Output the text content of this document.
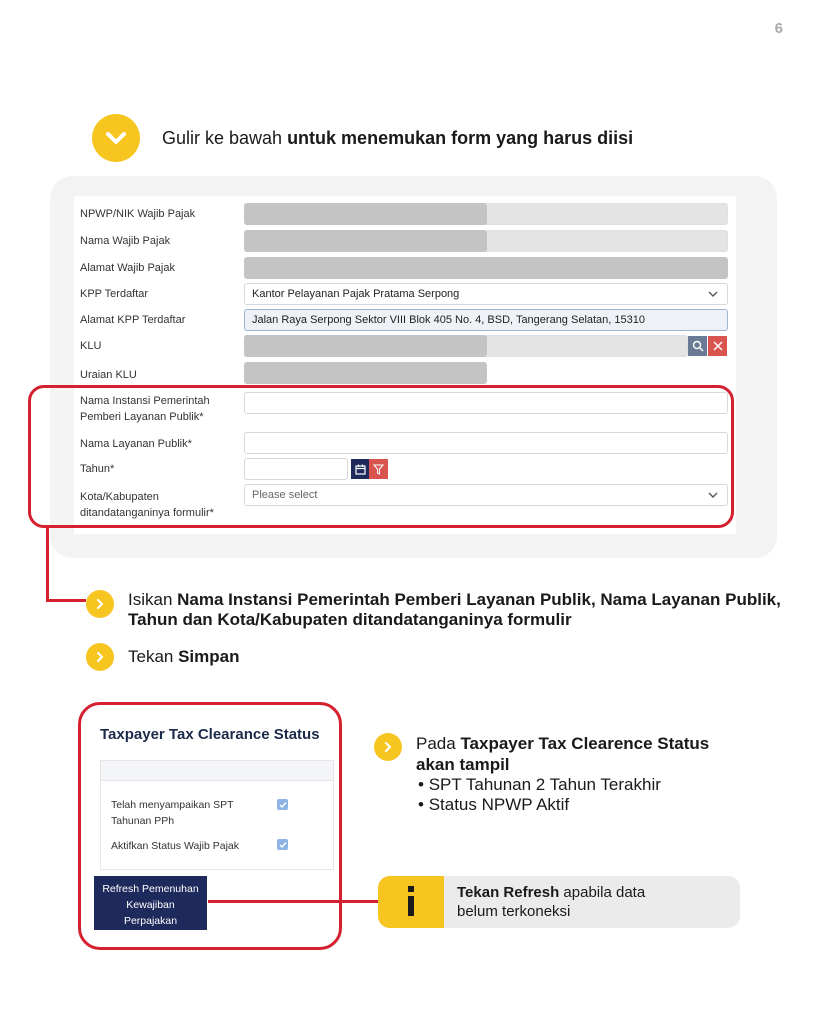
6
Gulir ke bawah untuk menemukan form yang harus diisi
NPWP/NIK Wajib Pajak
Nama Wajib Pajak
Alamat Wajib Pajak
KPP Terdaftar	Kantor Pelayanan Pajak Pratama Serpong
Alamat KPP Terdaftar	Jalan Raya Serpong Sektor VIII Blok 405 No. 4, BSD, Tangerang Selatan, 15310
KLU
Uraian KLU
Nama Instansi Pemerintah
Pemberi Layanan Publik*
Nama Layanan Publik*
Tahun*
Kota/Kabupaten
ditandatanganinya formulir*
Please select
Isikan Nama Instansi Pemerintah Pemberi Layanan Publik, Nama Layanan Publik, Tahun dan Kota/Kabupaten ditandatanganinya formulir
Tekan Simpan
Taxpayer Tax Clearance Status
Telah menyampaikan SPT
Tahunan PPh
Aktifkan Status Wajib Pajak
Refresh Pemenuhan
Kewajiban
Perpajakan
Pada Taxpayer Tax Clearence Status
akan tampil
• SPT Tahunan 2 Tahun Terakhir
• Status NPWP Aktif
Tekan Refresh apabila data
belum terkoneksi
